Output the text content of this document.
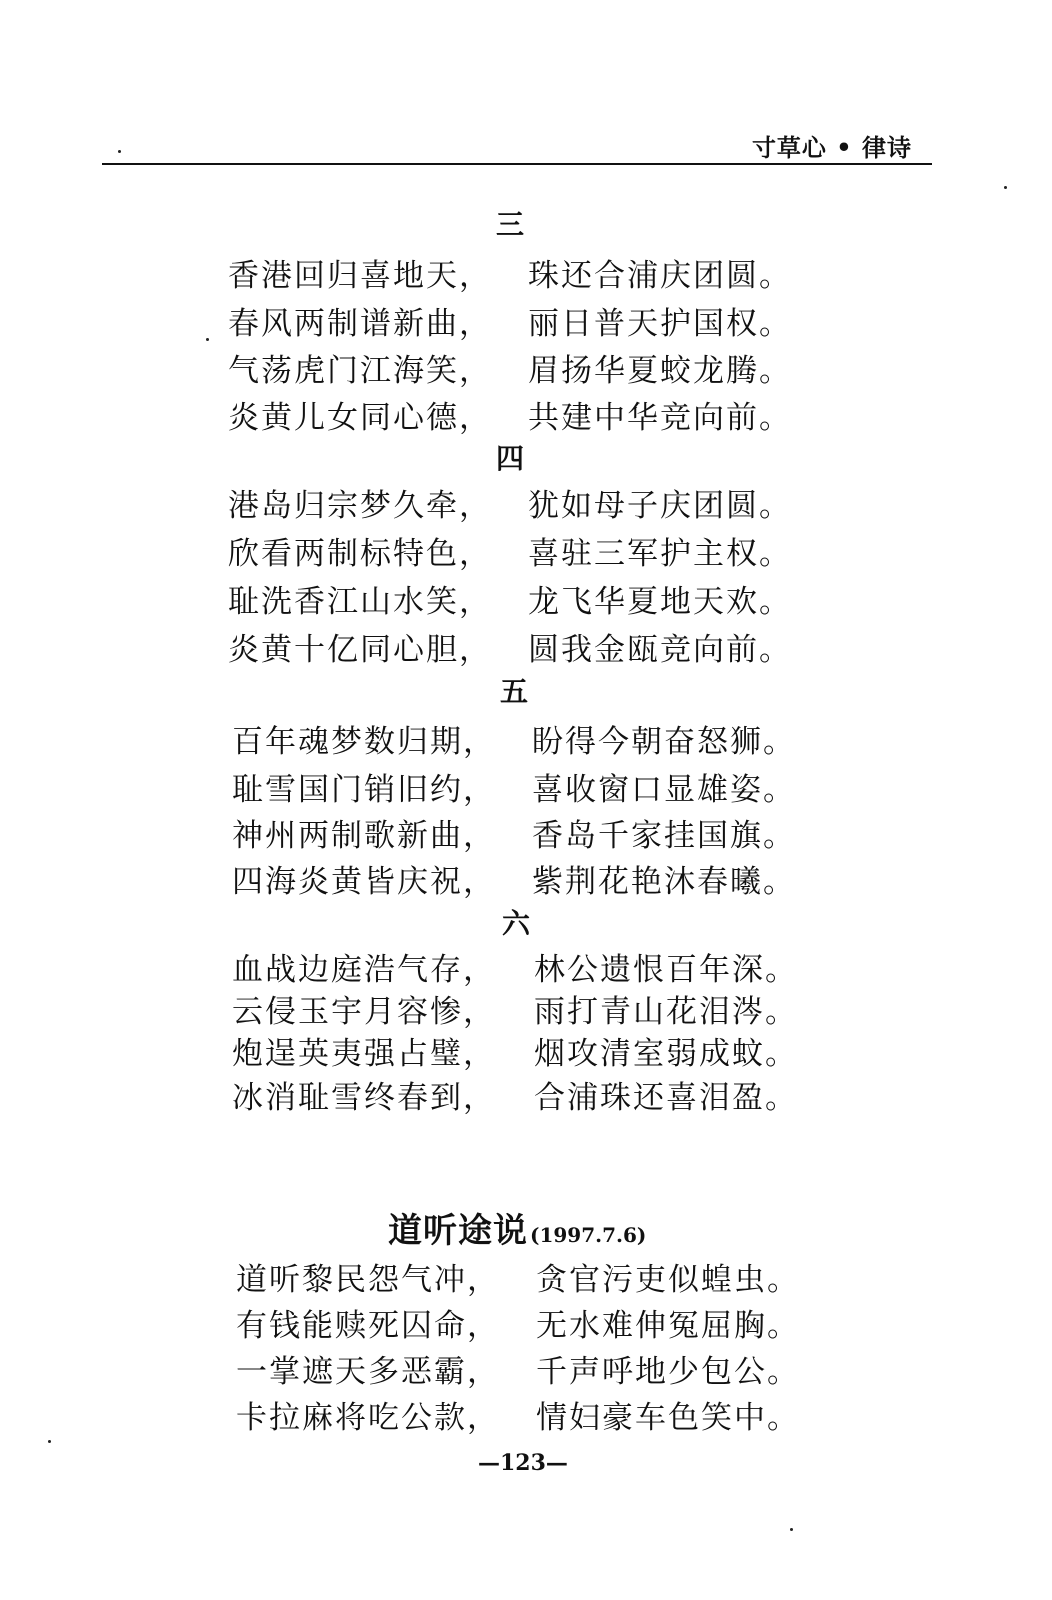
寸草心 • 律诗
三
香港回归喜地天， 珠还合浦庆团圆。
春风两制谱新曲， 丽日普天护国权。
气荡虎门江海笑， 眉扬华夏蛟龙腾。
炎黄儿女同心德， 共建中华竞向前。
四
港岛归宗梦久牵， 犹如母子庆团圆。
欣看两制标特色， 喜驻三军护主权。
耻洗香江山水笑， 龙飞华夏地天欢。
炎黄十亿同心胆， 圆我金瓯竞向前。
五
百年魂梦数归期， 盼得今朝奋怒狮。
耻雪国门销旧约， 喜收窗口显雄姿。
神州两制歌新曲， 香岛千家挂国旗。
四海炎黄皆庆祝， 紫荆花艳沐春曦。
六
血战边庭浩气存， 林公遗恨百年深。
云侵玉宇月容惨， 雨打青山花泪涔。
炮逞英夷强占璧， 烟攻清室弱成蚊。
冰消耻雪终春到， 合浦珠还喜泪盈。
道听途说 (1997.7.6)
道听黎民怨气冲， 贪官污吏似蝗虫。
有钱能赎死囚命， 无水难伸冤屈胸。
一掌遮天多恶霸， 千声呼地少包公。
卡拉麻将吃公款， 情妇豪车色笑中。
—123—
